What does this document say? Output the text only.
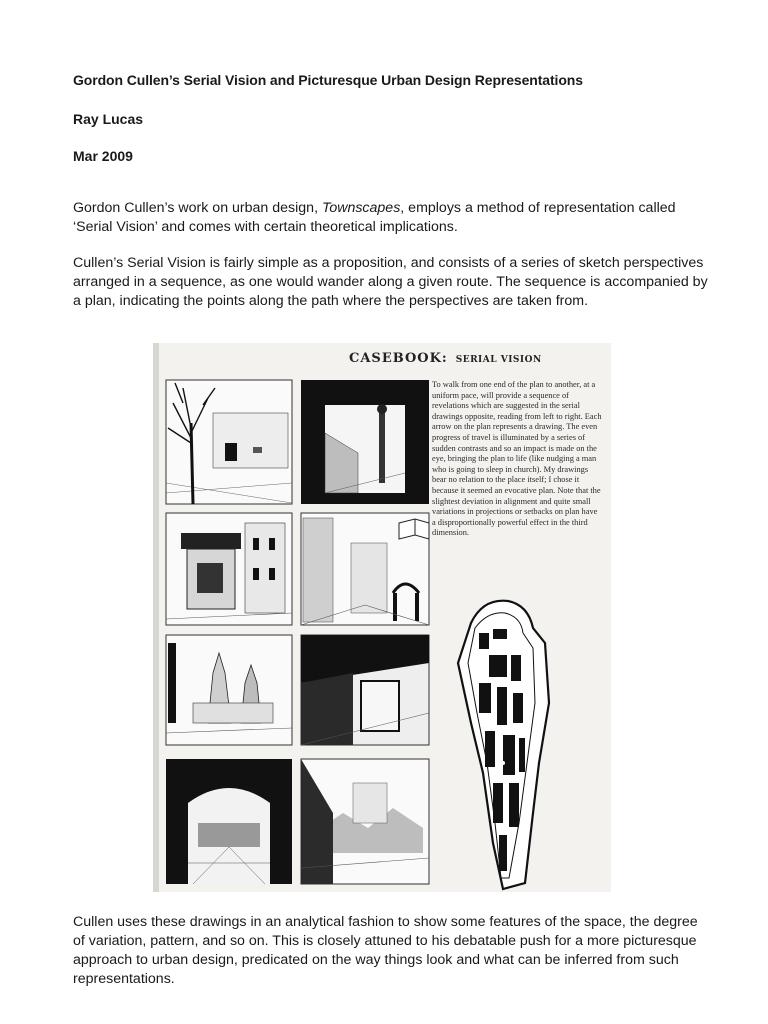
Gordon Cullen’s Serial Vision and Picturesque Urban Design Representations
Ray Lucas
Mar 2009

Gordon Cullen’s work on urban design, Townscapes, employs a method of representation called ‘Serial Vision’ and comes with certain theoretical implications.

Cullen’s Serial Vision is fairly simple as a proposition, and consists of a series of sketch perspectives arranged in a sequence, as one would wander along a given route. The sequence is accompanied by a plan, indicating the points along the path where the perspectives are taken from.

CASEBOOK: SERIAL VISION
To walk from one end of the plan to another, at a uniform pace, will provide a sequence of revelations which are suggested in the serial drawings opposite, reading from left to right. Each arrow on the plan represents a drawing. The even progress of travel is illuminated by a series of sudden contrasts and so an impact is made on the eye, bringing the plan to life (like nudging a man who is going to sleep in church). My drawings bear no relation to the place itself; I chose it because it seemed an evocative plan. Note that the slightest deviation in alignment and quite small variations in projections or setbacks on plan have a disproportionally powerful effect in the third dimension.

Cullen uses these drawings in an analytical fashion to show some features of the space, the degree of variation, pattern, and so on. This is closely attuned to his debatable push for a more picturesque approach to urban design, predicated on the way things look and what can be inferred from such representations.
